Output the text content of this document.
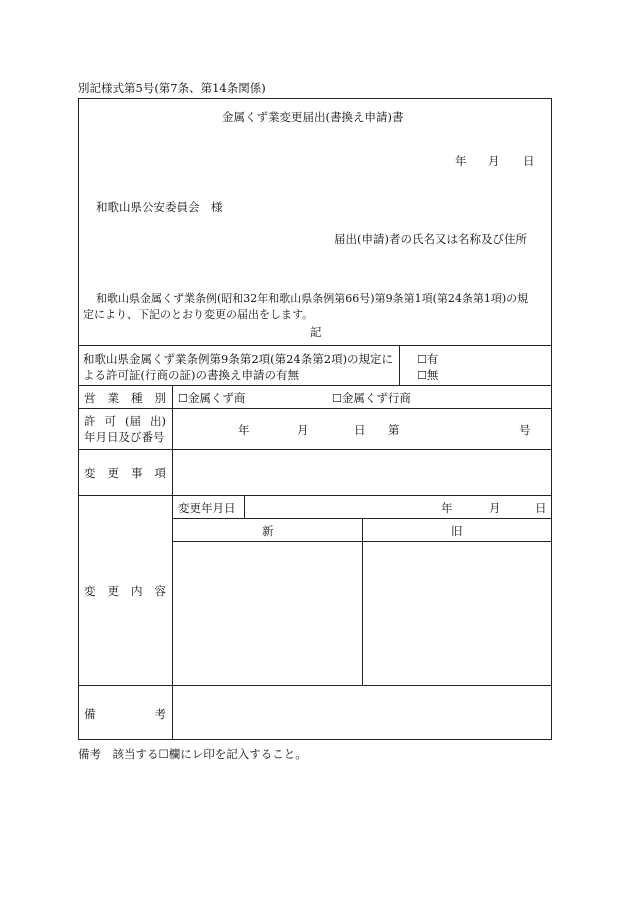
別記様式第5号(第7条、第14条関係)
金属くず業変更届出(書換え申請)書
年 月 日
和歌山県公安委員会　様
届出(申請)者の氏名又は名称及び住所
和歌山県金属くず業条例(昭和32年和歌山県条例第66号)第9条第1項(第24条第1項)の規
定により、下記のとおり変更の届出をします。
記
和歌山県金属くず業条例第9条第2項(第24条第2項)の規定に
よる許可証(行商の証)の書換え申請の有無
☐有
☐無
営 業 種 別 ☐金属くず商	☐金属くず行商
許 可 (届 出)
年月日及び番号	年	月	日 第	号
変 更 事 項
変 更 内 容
変更年月日	年	月	日
新	旧
備	考
備考　該当する☐欄にレ印を記入すること。
